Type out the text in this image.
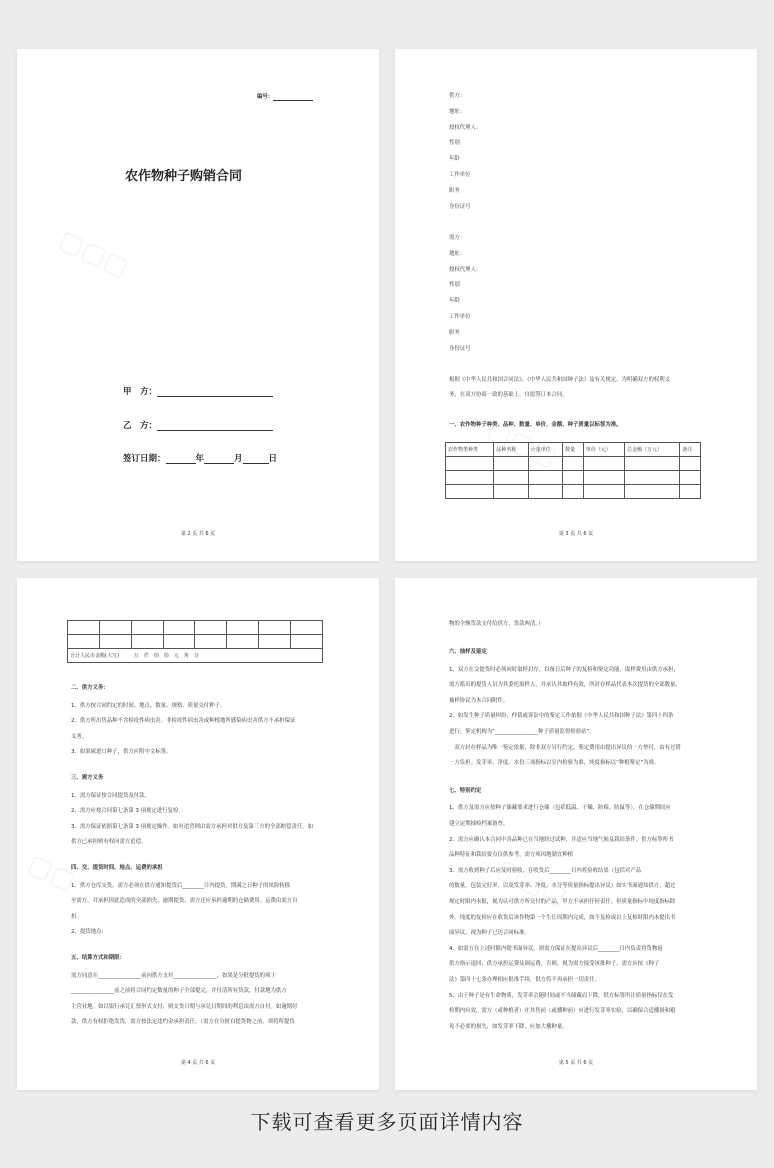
编号：
农作物种子购销合同
甲　方：
乙　方：
签订日期：	年	月	日
第 2 页 共 6 页
供方：
地址：
授权代理人：
性别
年龄
工作单位
职务
身份证号
需方：
地址：
授权代理人：
性别
年龄
工作单位
职务
身份证号
根据《中华人民共和国合同法》、《中华人民共和国种子法》及有关规定，为明确双方的权利义
务，在双方协商一致的基础上，自愿签订本合同。
一、农作物种子种类、品种、数量、单价、金额、种子质量以标签为准。
农作物类种类	品种名称	计量单位	数量	单价（元）	总金额（万元）	备注

第 3 页 共 6 页

合计人民币金额(大写)　　　万　仟　佰　拾　元　角　分							
二、供方义务：
1、供方按合同约定的时间、地点、数量、规格、质量交付种子。
2、供方所出售品种不含检疫性病虫害。非检疫性病虫害或种植地所感染病虫害供方不承担保证
义务。
3、如果属进口种子，供方应附中文标签。
三、需方义务
1、需方保证按合同提货及付款。
2、需方应按合同第七条第 3 项规定进行复检。
3、需方保证依据第七条第 3 项规定操作。如有违背则由需方承担对供方及第三方的全部赔偿责任。如
供方已承担则有权向需方追偿。
四、交、提货时间、地点、运费的承担
1、供方仓库交货，需方必须在供方通知提货后________日内提货，期满之日种子的风险转移
至需方，并承担因此造成的全部损失、逾期提货，需方还应承担逾期的仓储费用。运费由需方自
担。
2、提货地点：
五、结算方式和期限：
需方同意在________________前向供方支付________________，如果是分批提货的须于
________________前之前将合同约定数量的种子全部提完，并付清所有货款，付款地为供方
主营业地。如以银行承兑汇票形式支付，则交货日期与承兑日期间的利息由需方自付。如逾期付
款，供方有权拒绝发货，需方按法定违约金承担责任。（需方在分批自提货物之前，须将所提货
第 4 页 共 6 页
物的全额货款支付给供方，货款两清。）
六、抽样及鉴定
1、双方在交提货时必须同时取样封存，以备日后种子的复检和鉴定功能，取样费用由供方承担，
需方派出的提货人员为其委托取样人，并承认其取样有效，所封存样品代表本次提货的全部数量、
抽样协议为本合同附件。
2、如发生种子质量纠纷，仲裁或诉讼中的鉴定工作依据《中华人民共和国种子法》第四十四条
进行。鉴定机构为“________________种子质量监督检验站”。
　双方封存样品为唯一鉴定依据，除非双方另行约定。鉴定费用由提出异议的一方垫付，由有过错
一方负担。发芽率、净度、水份三项指标以室内检验为准，纯度指标以“种植鉴定”为准。
七、特别约定
1、供方及需方应按种子储藏要求进行仓储（包括低温、干燥、防霉、防鼠等），在仓储期间应
建立定期抽检档案备查。
2、需方应确认本合同中各品种已在当地经过试种，并适应当地气候及栽培条件。供方标签所书
品种特征和栽培要点仅供参考，需方须因地制宜种植
3、需方收到种子后应及时验收，在收货后________日内将验收结果（包括对产品
的数量、包装完好率，以及发芽率、净度、水分等质量指标提出异议）如实书面通知供方。超过
规定时限内未报，视为认可供方所交付的产品，甲方不承担任何责任。但质量指标中纯度指标除
外。纯度的复检应在收货后该作物第一个生长周期内完成，如不复检或以上复检时限内未提出书
面异议，视为种子已达合同标准。
4、如需方在上述时限内提书面异议，则需方保证在提出异议后________日内负责将货物返
供方指示退回；供方承担运费及调运费，否则，视为需方接受该批种子。需方应按《种子
法》第四十七条办理相应批准手续，供方将不再承担一切责任。
5、由于种子是有生命物质，发芽率会随时间或不当储藏而下降，供方标签所注质量指标仅在发
检期内有效，需方（或种植者）在其售前（或播种前）应进行发芽率实验，以确保合适播量和避
免不必要的损失，如发芽率下降，应加大播种量。
第 5 页 共 6 页
下载可查看更多页面详情内容
